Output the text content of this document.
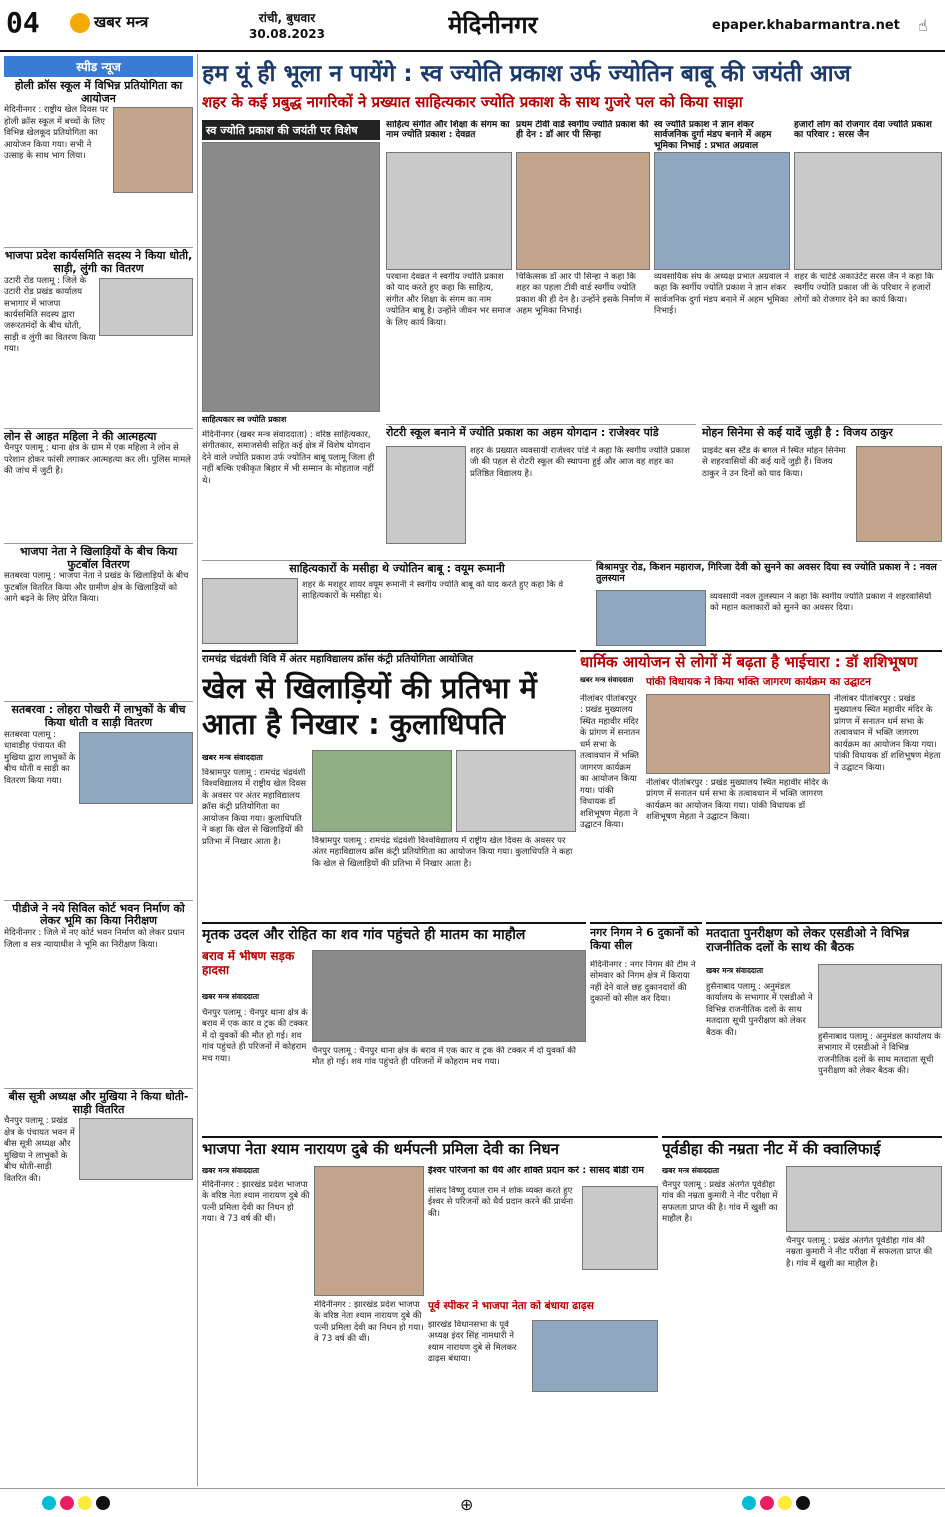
04	खबर मन्त्र	रांची, बुधवार
30.08.2023	मेदिनीनगर	epaper.khabarmantra.net	☝
स्पीड न्यूज
होली क्रॉस स्कूल में विभिन्न प्रतियोगिता का आयोजन
मेदिनीनगर : राष्ट्रीय खेल दिवस पर होली क्रॉस स्कूल में बच्चों के लिए विभिन्न खेलकूद प्रतियोगिता का आयोजन किया गया। सभी ने उत्साह के साथ भाग लिया।
भाजपा प्रदेश कार्यसमिति सदस्य ने किया धोती, साड़ी, लुंगी का वितरण
उटारी रोड पलामू : जिले के उटारी रोड प्रखंड कार्यालय सभागार में भाजपा कार्यसमिति सदस्य द्वारा जरूरतमंदों के बीच धोती, साड़ी व लुंगी का वितरण किया गया।
लोन से आहत महिला ने की आत्महत्या
चैनपुर पलामू : थाना क्षेत्र के ग्राम में एक महिला ने लोन से परेशान होकर फांसी लगाकर आत्महत्या कर ली। पुलिस मामले की जांच में जुटी है।
भाजपा नेता ने खिलाड़ियों के बीच किया फुटबॉल वितरण
सतबरवा पलामू : भाजपा नेता ने प्रखंड के खिलाड़ियों के बीच फुटबॉल वितरित किया और ग्रामीण क्षेत्र के खिलाड़ियों को आगे बढ़ने के लिए प्रेरित किया।
सतबरवा : लोहरा पोखरी में लाभुकों के बीच किया धोती व साड़ी वितरण
सतबरवा पलामू : धावाडीह पंचायत की मुखिया द्वारा लाभुकों के बीच धोती व साड़ी का वितरण किया गया।
पीडीजे ने नये सिविल कोर्ट भवन निर्माण को लेकर भूमि का किया निरीक्षण
मेदिनीनगर : जिले में नए कोर्ट भवन निर्माण को लेकर प्रधान जिला व सत्र न्यायाधीश ने भूमि का निरीक्षण किया।
बीस सूत्री अध्यक्ष और मुखिया ने किया धोती-साड़ी वितरित
चैनपुर पलामू : प्रखंड क्षेत्र के पंचायत भवन में बीस सूत्री अध्यक्ष और मुखिया ने लाभुकों के बीच धोती-साड़ी वितरित की।
हम यूं ही भूला न पायेंगे : स्व ज्योति प्रकाश उर्फ ज्योतिन बाबू की जयंती आज
शहर के कई प्रबुद्ध नागरिकों ने प्रख्यात साहित्यकार ज्योति प्रकाश के साथ गुजरे पल को किया साझा
स्व ज्योति प्रकाश की जयंती पर विशेष
साहित्यकार स्व ज्योति प्रकाश
मेदिनीनगर (खबर मन्त्र संवाददाता) : वरिष्ठ साहित्यकार, संगीतकार, समाजसेवी सहित कई क्षेत्र में विशेष योगदान देने वाले ज्योति प्रकाश उर्फ ज्योतिन बाबू पलामू जिला ही नहीं बल्कि एकीकृत बिहार में भी सम्मान के मोहताज नहीं थे।
साहित्य संगीत और शिक्षा के संगम का नाम ज्योति प्रकाश : देवव्रत
परवाना देवव्रत ने स्वर्गीय ज्योति प्रकाश को याद करते हुए कहा कि साहित्य, संगीत और शिक्षा के संगम का नाम ज्योतिन बाबू है। उन्होंने जीवन भर समाज के लिए कार्य किया।
प्रथम टीवी वार्ड स्वर्गीय ज्योति प्रकाश की ही देन : डॉ आर पी सिन्हा
चिकित्सक डॉ आर पी सिन्हा ने कहा कि शहर का पहला टीवी वार्ड स्वर्गीय ज्योति प्रकाश की ही देन है। उन्होंने इसके निर्माण में अहम भूमिका निभाई।
स्व ज्योति प्रकाश ने ज्ञान शंकर सार्वजनिक दुर्गा मंडप बनाने में अहम भूमिका निभाई : प्रभात अग्रवाल
व्यवसायिक संघ के अध्यक्ष प्रभात अग्रवाल ने कहा कि स्वर्गीय ज्योति प्रकाश ने ज्ञान शंकर सार्वजनिक दुर्गा मंडप बनाने में अहम भूमिका निभाई।
हजारों लोग को रोजगार देवा ज्योति प्रकाश का परिवार : सरस जैन
शहर के चार्टर्ड अकाउंटेंट सरस जैन ने कहा कि स्वर्गीय ज्योति प्रकाश जी के परिवार ने हजारों लोगों को रोजगार देने का कार्य किया।
रोटरी स्कूल बनाने में ज्योति प्रकाश का अहम योगदान : राजेश्वर पांडे
शहर के प्रख्यात व्यवसायी राजेश्वर पांडे ने कहा कि स्वर्गीय ज्योति प्रकाश जी की पहल से रोटरी स्कूल की स्थापना हुई और आज वह शहर का प्रतिष्ठित विद्यालय है।
मोहन सिनेमा से कई यादें जुड़ी है : विजय ठाकुर
प्राइवेट बस स्टैंड के बगल में स्थित मोहन सिनेमा से शहरवासियों की कई यादें जुड़ी हैं। विजय ठाकुर ने उन दिनों को याद किया।
साहित्यकारों के मसीहा थे ज्योतिन बाबू : वयूम रूमानी
शहर के मशहूर शायर वयूम रूमानी ने स्वर्गीय ज्योति बाबू को याद करते हुए कहा कि वे साहित्यकारों के मसीहा थे।
बिश्रामपुर रोड, किशन महाराज, गिरिजा देवी को सुनने का अवसर दिया स्व ज्योति प्रकाश ने : नवल तुलस्यान
व्यवसायी नवल तुलस्यान ने कहा कि स्वर्गीय ज्योति प्रकाश ने शहरवासियों को महान कलाकारों को सुनने का अवसर दिया।
रामचंद्र चंद्रवंशी विवि में अंतर महाविद्यालय क्रॉस कंट्री प्रतियोगिता आयोजित
खेल से खिलाड़ियों की प्रतिभा में आता है निखार : कुलाधिपति
खबर मन्त्र संवाददाता
विश्रामपुर पलामू : रामचंद्र चंद्रवंशी विश्वविद्यालय में राष्ट्रीय खेल दिवस के अवसर पर अंतर महाविद्यालय क्रॉस कंट्री प्रतियोगिता का आयोजन किया गया। कुलाधिपति ने कहा कि खेल से खिलाड़ियों की प्रतिभा में निखार आता है।	विश्रामपुर पलामू : रामचंद्र चंद्रवंशी विश्वविद्यालय में राष्ट्रीय खेल दिवस के अवसर पर अंतर महाविद्यालय क्रॉस कंट्री प्रतियोगिता का आयोजन किया गया। कुलाधिपति ने कहा कि खेल से खिलाड़ियों की प्रतिभा में निखार आता है।
धार्मिक आयोजन से लोगों में बढ़ता है भाईचारा : डॉ शशिभूषण
पांकी विधायक ने किया भक्ति जागरण कार्यक्रम का उद्घाटन
खबर मन्त्र संवाददाता
नीलांबर पीतांबरपुर : प्रखंड मुख्यालय स्थित महावीर मंदिर के प्रांगण में सनातन धर्म सभा के तत्वावधान में भक्ति जागरण कार्यक्रम का आयोजन किया गया। पांकी विधायक डॉ शशिभूषण मेहता ने उद्घाटन किया।
नीलांबर पीतांबरपुर : प्रखंड मुख्यालय स्थित महावीर मंदिर के प्रांगण में सनातन धर्म सभा के तत्वावधान में भक्ति जागरण कार्यक्रम का आयोजन किया गया। पांकी विधायक डॉ शशिभूषण मेहता ने उद्घाटन किया।
नीलांबर पीतांबरपुर : प्रखंड मुख्यालय स्थित महावीर मंदिर के प्रांगण में सनातन धर्म सभा के तत्वावधान में भक्ति जागरण कार्यक्रम का आयोजन किया गया। पांकी विधायक डॉ शशिभूषण मेहता ने उद्घाटन किया।
मृतक उदल और रोहित का शव गांव पहुंचते ही मातम का माहौल
बराव में भीषण सड़क हादसा
खबर मन्त्र संवाददाता
चैनपुर पलामू : चैनपुर थाना क्षेत्र के बराव में एक कार व ट्रक की टक्कर में दो युवकों की मौत हो गई। शव गांव पहुंचते ही परिजनों में कोहराम मच गया।
चैनपुर पलामू : चैनपुर थाना क्षेत्र के बराव में एक कार व ट्रक की टक्कर में दो युवकों की मौत हो गई। शव गांव पहुंचते ही परिजनों में कोहराम मच गया।
नगर निगम ने 6 दुकानों को किया सील
मेदिनीनगर : नगर निगम की टीम ने सोमवार को निगम क्षेत्र में किराया नहीं देने वाले छह दुकानदारों की दुकानों को सील कर दिया।
मतदाता पुनरीक्षण को लेकर एसडीओ ने विभिन्न राजनीतिक दलों के साथ की बैठक
खबर मन्त्र संवाददाता
हुसैनाबाद पलामू : अनुमंडल कार्यालय के सभागार में एसडीओ ने विभिन्न राजनीतिक दलों के साथ मतदाता सूची पुनरीक्षण को लेकर बैठक की।	हुसैनाबाद पलामू : अनुमंडल कार्यालय के सभागार में एसडीओ ने विभिन्न राजनीतिक दलों के साथ मतदाता सूची पुनरीक्षण को लेकर बैठक की।
भाजपा नेता श्याम नारायण दुबे की धर्मपत्नी प्रमिला देवी का निधन
खबर मन्त्र संवाददाता
मेदिनीनगर : झारखंड प्रदेश भाजपा के वरिष्ठ नेता श्याम नारायण दुबे की पत्नी प्रमिला देवी का निधन हो गया। वे 73 वर्ष की थीं।
मेदिनीनगर : झारखंड प्रदेश भाजपा के वरिष्ठ नेता श्याम नारायण दुबे की पत्नी प्रमिला देवी का निधन हो गया। वे 73 वर्ष की थीं।
ईश्वर परिजनों को धैर्य और शक्ति प्रदान करें : सांसद बीडी राम
सांसद विष्णु दयाल राम ने शोक व्यक्त करते हुए ईश्वर से परिजनों को धैर्य प्रदान करने की प्रार्थना की।
पूर्व स्पीकर ने भाजपा नेता को बंधाया ढाढ़स
झारखंड विधानसभा के पूर्व अध्यक्ष इंदर सिंह नामधारी ने श्याम नारायण दुबे से मिलकर ढाढ़स बंधाया।
पूर्वडीहा की नम्रता नीट में की क्वालिफाई
खबर मन्त्र संवाददाता
चैनपुर पलामू : प्रखंड अंतर्गत पूर्वडीहा गांव की नम्रता कुमारी ने नीट परीक्षा में सफलता प्राप्त की है। गांव में खुशी का माहौल है।
चैनपुर पलामू : प्रखंड अंतर्गत पूर्वडीहा गांव की नम्रता कुमारी ने नीट परीक्षा में सफलता प्राप्त की है। गांव में खुशी का माहौल है।
⊕
